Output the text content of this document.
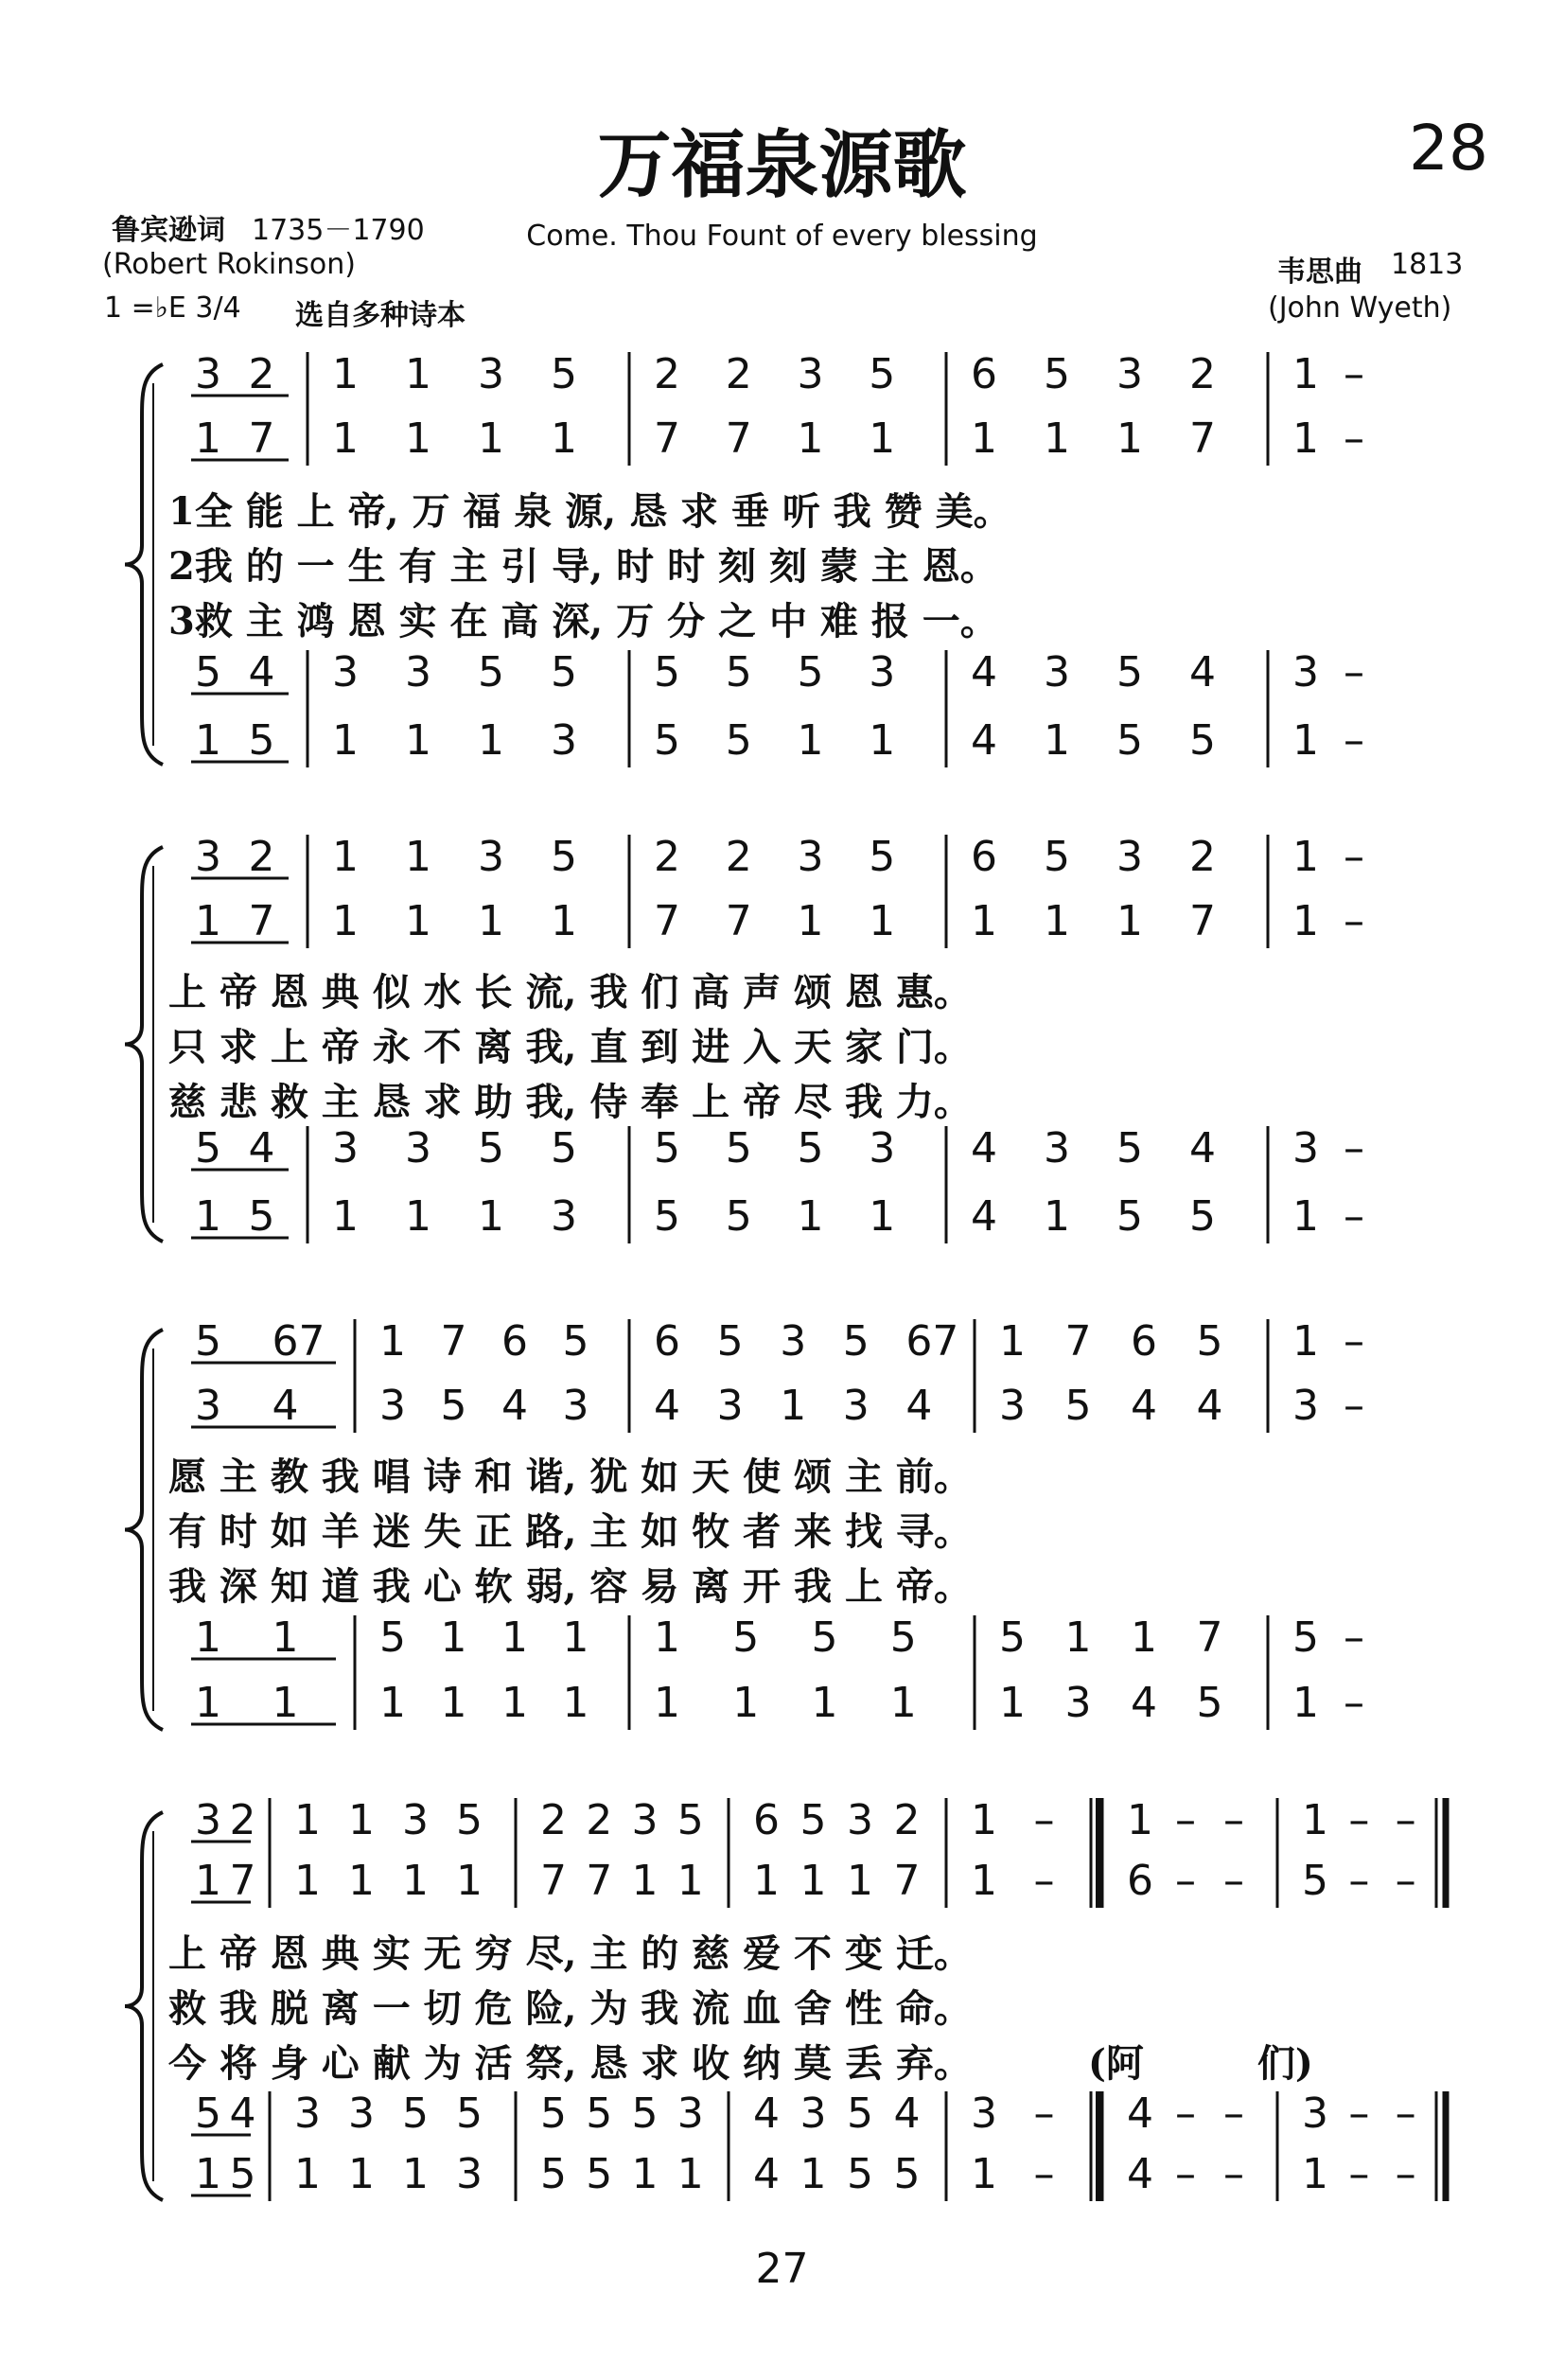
万福泉源歌	28
鲁宾逊词 1735－1790
(Robert Rokinson)
1 =♭E 3/4 选自多种诗本
Come. Thou Fount of every blessing
韦思曲 1813
(John Wyeth)
3 2 1 1 3 5 2 2 3 5 6 5 3 2 1 –
1 7 1 1 1 1 7 7 1 1 1 1 1 7 1 –
5 4 3 3 5 5 5 5 5 3 4 3 5 4 3 –
1 5 1 1 1 3 5 5 1 1 4 1 5 5 1 –
1全 能 上 帝, 万 福 泉 源, 恳 求 垂 听 我 赞 美。
2我 的 一 生 有 主 引 导, 时 时 刻 刻 蒙 主 恩。
3救 主 鸿 恩 实 在 高 深, 万 分 之 中 难 报 一。
3 2 1 1 3 5 2 2 3 5 6 5 3 2 1 –
1 7 1 1 1 1 7 7 1 1 1 1 1 7 1 –
5 4 3 3 5 5 5 5 5 3 4 3 5 4 3 –
1 5 1 1 1 3 5 5 1 1 4 1 5 5 1 –
上 帝 恩 典 似 水 长 流, 我 们 高 声 颂 恩 惠。
只 求 上 帝 永 不 离 我, 直 到 进 入 天 家 门。
慈 悲 救 主 恳 求 助 我, 侍 奉 上 帝 尽 我 力。
5 67 1 7 6 5 6 5 3 5 67 1 7 6 5 1 –
3 4 3 5 4 3 4 3 1 3 4 3 5 4 4 3 –
1 1 5 1 1 1 1 5 5 5 5 1 1 7 5 –
1 1 1 1 1 1 1 1 1 1 1 3 4 5 1 –
愿 主 教 我 唱 诗 和 谐, 犹 如 天 使 颂 主 前。
有 时 如 羊 迷 失 正 路, 主 如 牧 者 来 找 寻。
我 深 知 道 我 心 软 弱, 容 易 离 开 我 上 帝。
3 2 1 1 3 5 2 2 3 5 6 5 3 2 1 – 1 – – 1 – –
1 7 1 1 1 1 7 7 1 1 1 1 1 7 1 – 6 – – 5 – –
5 4 3 3 5 5 5 5 5 3 4 3 5 4 3 – 4 – – 3 – –
1 5 1 1 1 3 5 5 1 1 4 1 5 5 1 – 4 – – 1 – –
上 帝 恩 典 实 无 穷 尽, 主 的 慈 爱 不 变 迁。
救 我 脱 离 一 切 危 险, 为 我 流 血 舍 性 命。
今 将 身 心 献 为 活 祭, 恳 求 收 纳 莫 丢 弃。	(阿　　　们)
27
